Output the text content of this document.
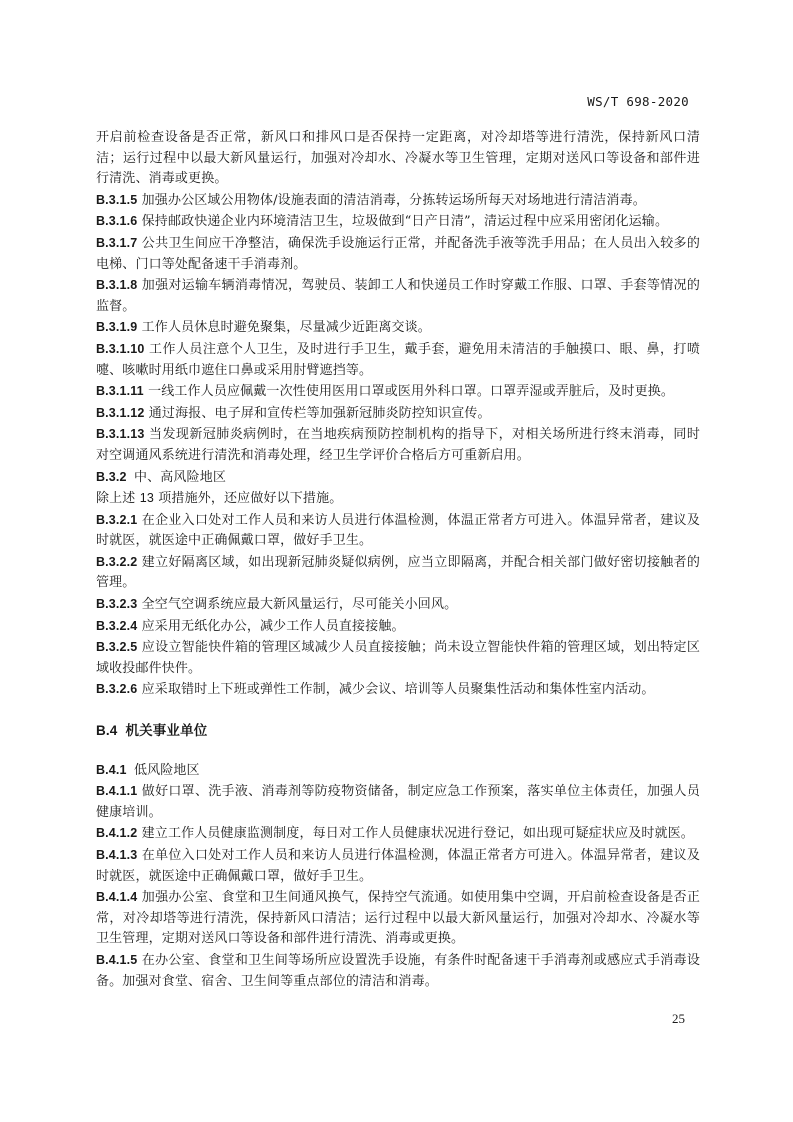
WS/T 698-2020

开启前检查设备是否正常，新风口和排风口是否保持一定距离，对冷却塔等进行清洗，保持新风口清洁；运行过程中以最大新风量运行，加强对冷却水、冷凝水等卫生管理，定期对送风口等设备和部件进行清洗、消毒或更换。

B.3.1.5 加强办公区域公用物体/设施表面的清洁消毒，分拣转运场所每天对场地进行清洁消毒。

B.3.1.6 保持邮政快递企业内环境清洁卫生，垃圾做到“日产日清”，清运过程中应采用密闭化运输。

B.3.1.7 公共卫生间应干净整洁，确保洗手设施运行正常，并配备洗手液等洗手用品；在人员出入较多的电梯、门口等处配备速干手消毒剂。

B.3.1.8 加强对运输车辆消毒情况，驾驶员、装卸工人和快递员工作时穿戴工作服、口罩、手套等情况的监督。

B.3.1.9 工作人员休息时避免聚集，尽量减少近距离交谈。

B.3.1.10 工作人员注意个人卫生，及时进行手卫生，戴手套，避免用未清洁的手触摸口、眼、鼻，打喷嚏、咳嗽时用纸巾遮住口鼻或采用肘臂遮挡等。

B.3.1.11 一线工作人员应佩戴一次性使用医用口罩或医用外科口罩。口罩弄湿或弄脏后，及时更换。

B.3.1.12 通过海报、电子屏和宣传栏等加强新冠肺炎防控知识宣传。

B.3.1.13 当发现新冠肺炎病例时，在当地疾病预防控制机构的指导下，对相关场所进行终末消毒，同时对空调通风系统进行清洗和消毒处理，经卫生学评价合格后方可重新启用。

B.3.2 中、高风险地区

除上述 13 项措施外，还应做好以下措施。

B.3.2.1 在企业入口处对工作人员和来访人员进行体温检测，体温正常者方可进入。体温异常者，建议及时就医，就医途中正确佩戴口罩，做好手卫生。

B.3.2.2 建立好隔离区域，如出现新冠肺炎疑似病例，应当立即隔离，并配合相关部门做好密切接触者的管理。

B.3.2.3 全空气空调系统应最大新风量运行，尽可能关小回风。

B.3.2.4 应采用无纸化办公，减少工作人员直接接触。

B.3.2.5 应设立智能快件箱的管理区域减少人员直接接触；尚未设立智能快件箱的管理区域，划出特定区域收投邮件快件。

B.3.2.6 应采取错时上下班或弹性工作制，减少会议、培训等人员聚集性活动和集体性室内活动。

B.4 机关事业单位

B.4.1 低风险地区

B.4.1.1 做好口罩、洗手液、消毒剂等防疫物资储备，制定应急工作预案，落实单位主体责任，加强人员健康培训。

B.4.1.2 建立工作人员健康监测制度，每日对工作人员健康状况进行登记，如出现可疑症状应及时就医。

B.4.1.3 在单位入口处对工作人员和来访人员进行体温检测，体温正常者方可进入。体温异常者，建议及时就医，就医途中正确佩戴口罩，做好手卫生。

B.4.1.4 加强办公室、食堂和卫生间通风换气，保持空气流通。如使用集中空调，开启前检查设备是否正常，对冷却塔等进行清洗，保持新风口清洁；运行过程中以最大新风量运行，加强对冷却水、冷凝水等卫生管理，定期对送风口等设备和部件进行清洗、消毒或更换。

B.4.1.5 在办公室、食堂和卫生间等场所应设置洗手设施，有条件时配备速干手消毒剂或感应式手消毒设备。加强对食堂、宿舍、卫生间等重点部位的清洁和消毒。

25
